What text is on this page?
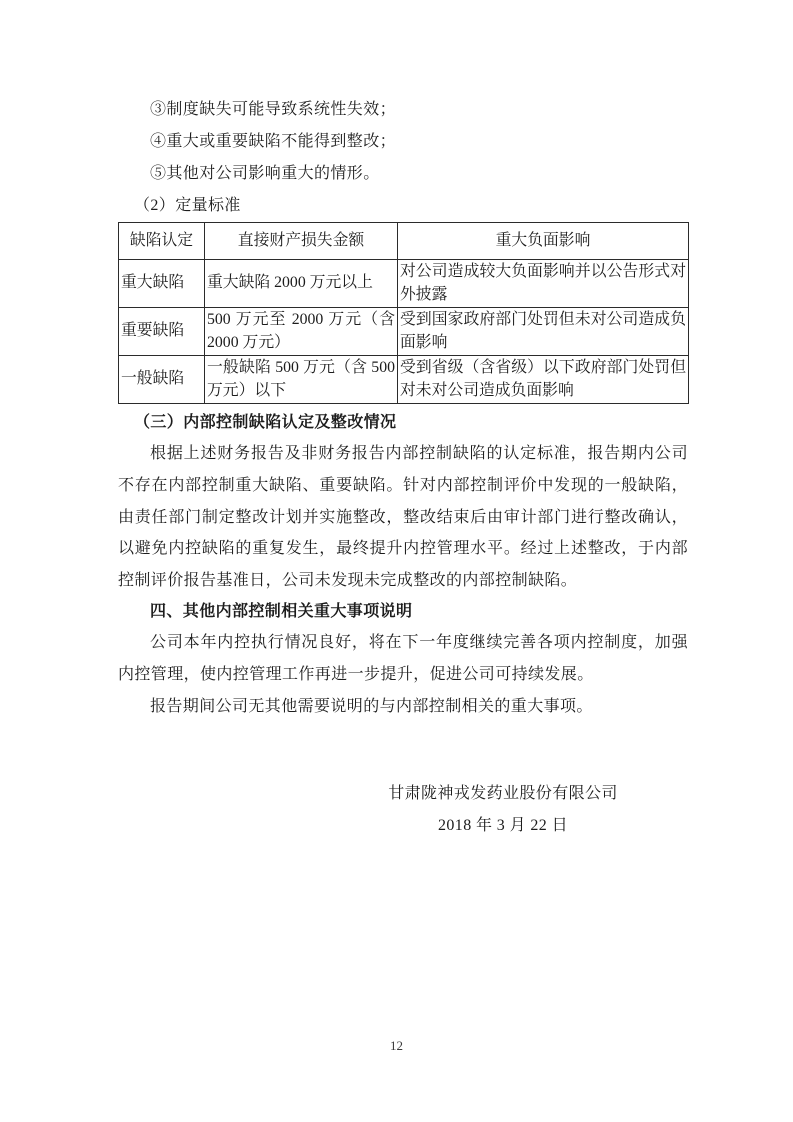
③制度缺失可能导致系统性失效；

④重大或重要缺陷不能得到整改；

⑤其他对公司影响重大的情形。

（2）定量标准

缺陷认定	直接财产损失金额	重大负面影响
重大缺陷	重大缺陷 2000 万元以上	对公司造成较大负面影响并以公告形式对外披露
重要缺陷	500 万元至 2000 万元（含 2000 万元）	受到国家政府部门处罚但未对公司造成负面影响
一般缺陷	一般缺陷 500 万元（含 500 万元）以下	受到省级（含省级）以下政府部门处罚但对未对公司造成负面影响

（三）内部控制缺陷认定及整改情况

根据上述财务报告及非财务报告内部控制缺陷的认定标准，报告期内公司不存在内部控制重大缺陷、重要缺陷。针对内部控制评价中发现的一般缺陷，由责任部门制定整改计划并实施整改，整改结束后由审计部门进行整改确认，以避免内控缺陷的重复发生，最终提升内控管理水平。经过上述整改，于内部控制评价报告基准日，公司未发现未完成整改的内部控制缺陷。

四、其他内部控制相关重大事项说明

公司本年内控执行情况良好，将在下一年度继续完善各项内控制度，加强内控管理，使内控管理工作再进一步提升，促进公司可持续发展。

报告期间公司无其他需要说明的与内部控制相关的重大事项。

甘肃陇神戎发药业股份有限公司

2018 年 3 月 22 日

12
